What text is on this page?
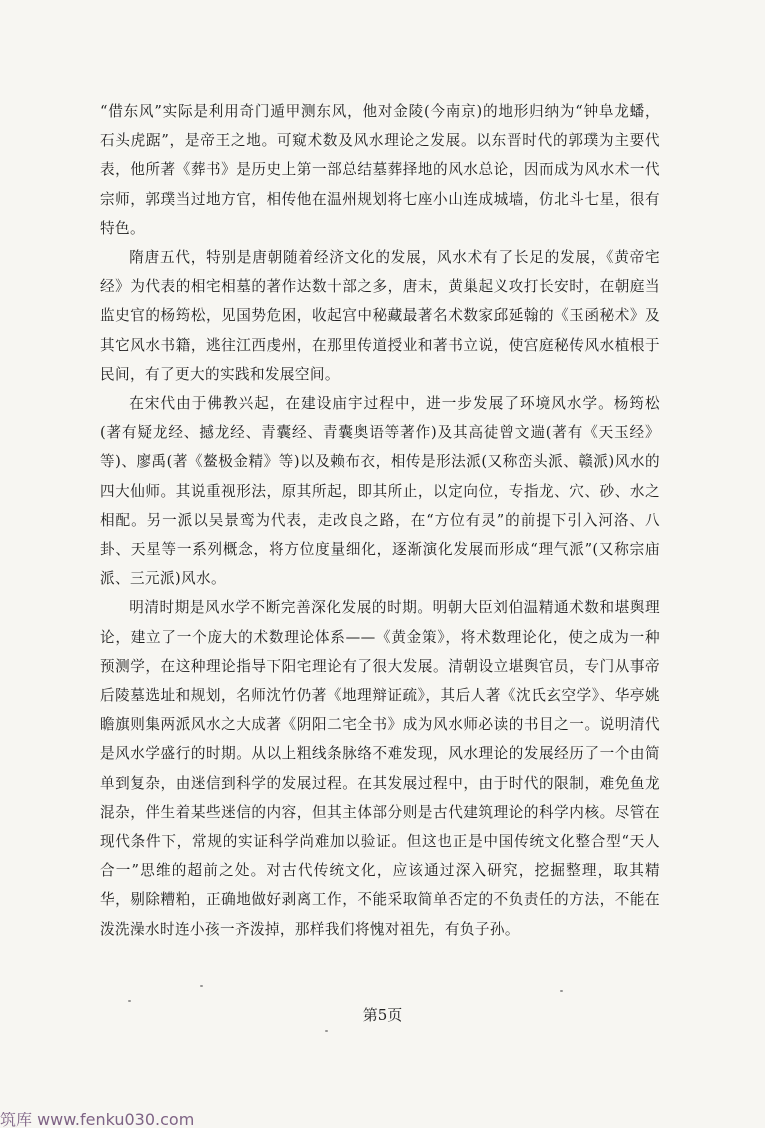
“借东风”实际是利用奇门遁甲测东风，他对金陵(今南京)的地形归纳为“钟阜龙蟠，石头虎踞”，是帝王之地。可窥术数及风水理论之发展。以东晋时代的郭璞为主要代表，他所著《葬书》是历史上第一部总结墓葬择地的风水总论，因而成为风水术一代宗师，郭璞当过地方官，相传他在温州规划将七座小山连成城墙，仿北斗七星，很有特色。

隋唐五代，特别是唐朝随着经济文化的发展，风水术有了长足的发展，《黄帝宅经》为代表的相宅相墓的著作达数十部之多，唐末，黄巢起义攻打长安时，在朝庭当监史官的杨筠松，见国势危困，收起宫中秘藏最著名术数家邱延翰的《玉函秘术》及其它风水书籍，逃往江西虔州，在那里传道授业和著书立说，使宫庭秘传风水植根于民间，有了更大的实践和发展空间。

在宋代由于佛教兴起，在建设庙宇过程中，进一步发展了环境风水学。杨筠松(著有疑龙经、撼龙经、青囊经、青囊奥语等著作)及其高徒曾文遄(著有《天玉经》等)、廖禹(著《鳌极金精》等)以及赖布衣，相传是形法派(又称峦头派、赣派)风水的四大仙师。其说重视形法，原其所起，即其所止，以定向位，专指龙、穴、砂、水之相配。另一派以吴景鸾为代表，走改良之路，在“方位有灵”的前提下引入河洛、八卦、天星等一系列概念，将方位度量细化，逐渐演化发展而形成“理气派”(又称宗庙派、三元派)风水。

明清时期是风水学不断完善深化发展的时期。明朝大臣刘伯温精通术数和堪舆理论，建立了一个庞大的术数理论体系——《黄金策》，将术数理论化，使之成为一种预测学，在这种理论指导下阳宅理论有了很大发展。清朝设立堪舆官员，专门从事帝后陵墓选址和规划，名师沈竹仍著《地理辩证疏》，其后人著《沈氏玄空学》、华亭姚瞻旗则集两派风水之大成著《阴阳二宅全书》成为风水师必读的书目之一。说明清代是风水学盛行的时期。从以上粗线条脉络不难发现，风水理论的发展经历了一个由简单到复杂，由迷信到科学的发展过程。在其发展过程中，由于时代的限制，难免鱼龙混杂，伴生着某些迷信的内容，但其主体部分则是古代建筑理论的科学内核。尽管在现代条件下，常规的实证科学尚难加以验证。但这也正是中国传统文化整合型“天人合一”思维的超前之处。对古代传统文化，应该通过深入研究，挖掘整理，取其精华，剔除糟粕，正确地做好剥离工作，不能采取简单否定的不负责任的方法，不能在泼洗澡水时连小孩一齐泼掉，那样我们将愧对祖先，有负子孙。

第5页
筑库 www.fenku030.com
